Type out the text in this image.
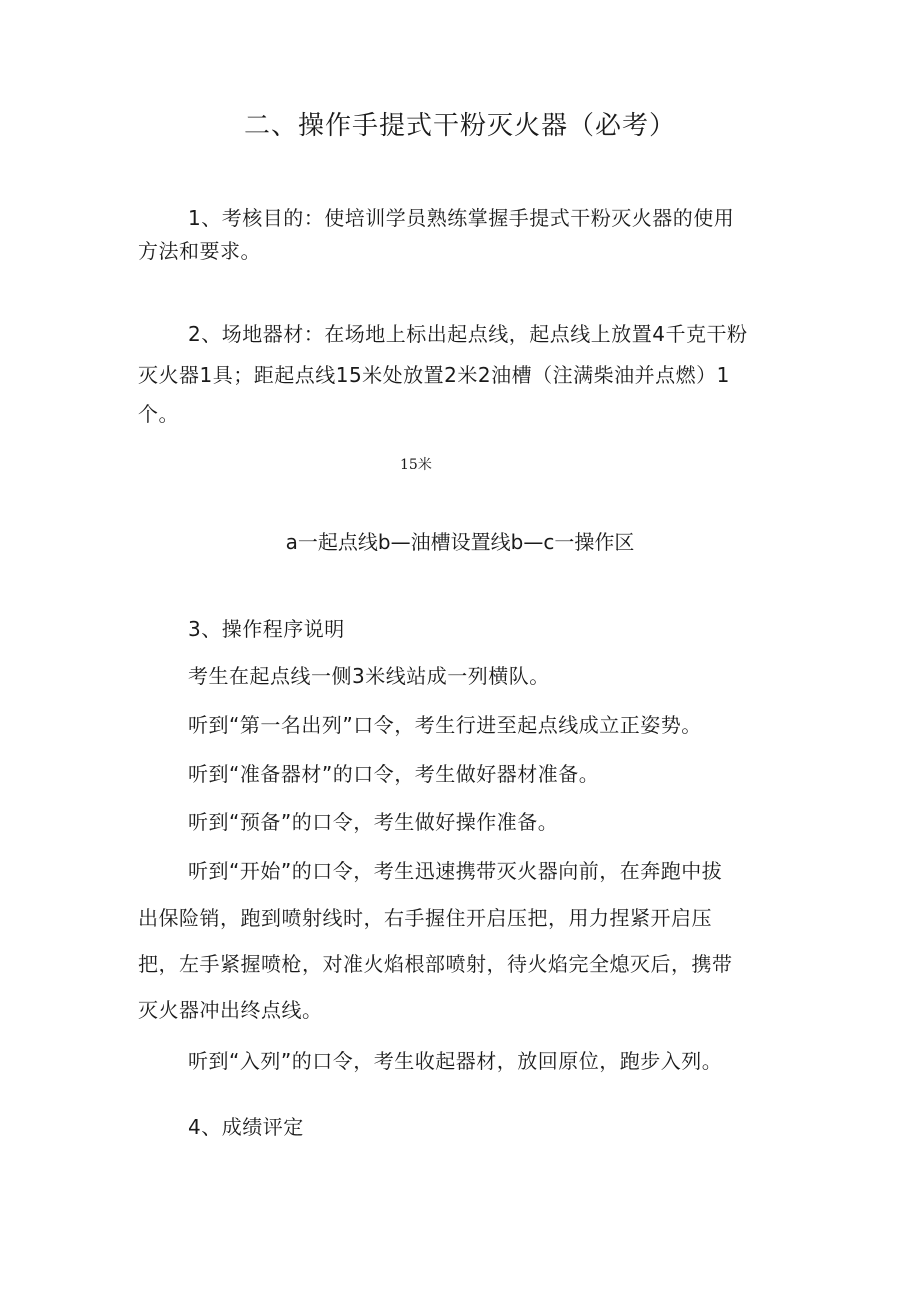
二、操作手提式干粉灭火器（必考）
1、考核目的：使培训学员熟练掌握手提式干粉灭火器的使用
方法和要求。
2、场地器材：在场地上标出起点线，起点线上放置4千克干粉
灭火器1具；距起点线15米处放置2米2油槽（注满柴油并点燃）1
个。
15米
a一起点线b—油槽设置线b—c一操作区
3、操作程序说明
考生在起点线一侧3米线站成一列横队。
听到“第一名出列”口令，考生行进至起点线成立正姿势。
听到“准备器材”的口令，考生做好器材准备。
听到“预备”的口令，考生做好操作准备。
听到“开始”的口令，考生迅速携带灭火器向前，在奔跑中拔
出保险销，跑到喷射线时，右手握住开启压把，用力捏紧开启压
把，左手紧握喷枪，对准火焰根部喷射，待火焰完全熄灭后，携带
灭火器冲出终点线。
听到“入列”的口令，考生收起器材，放回原位，跑步入列。
4、成绩评定
